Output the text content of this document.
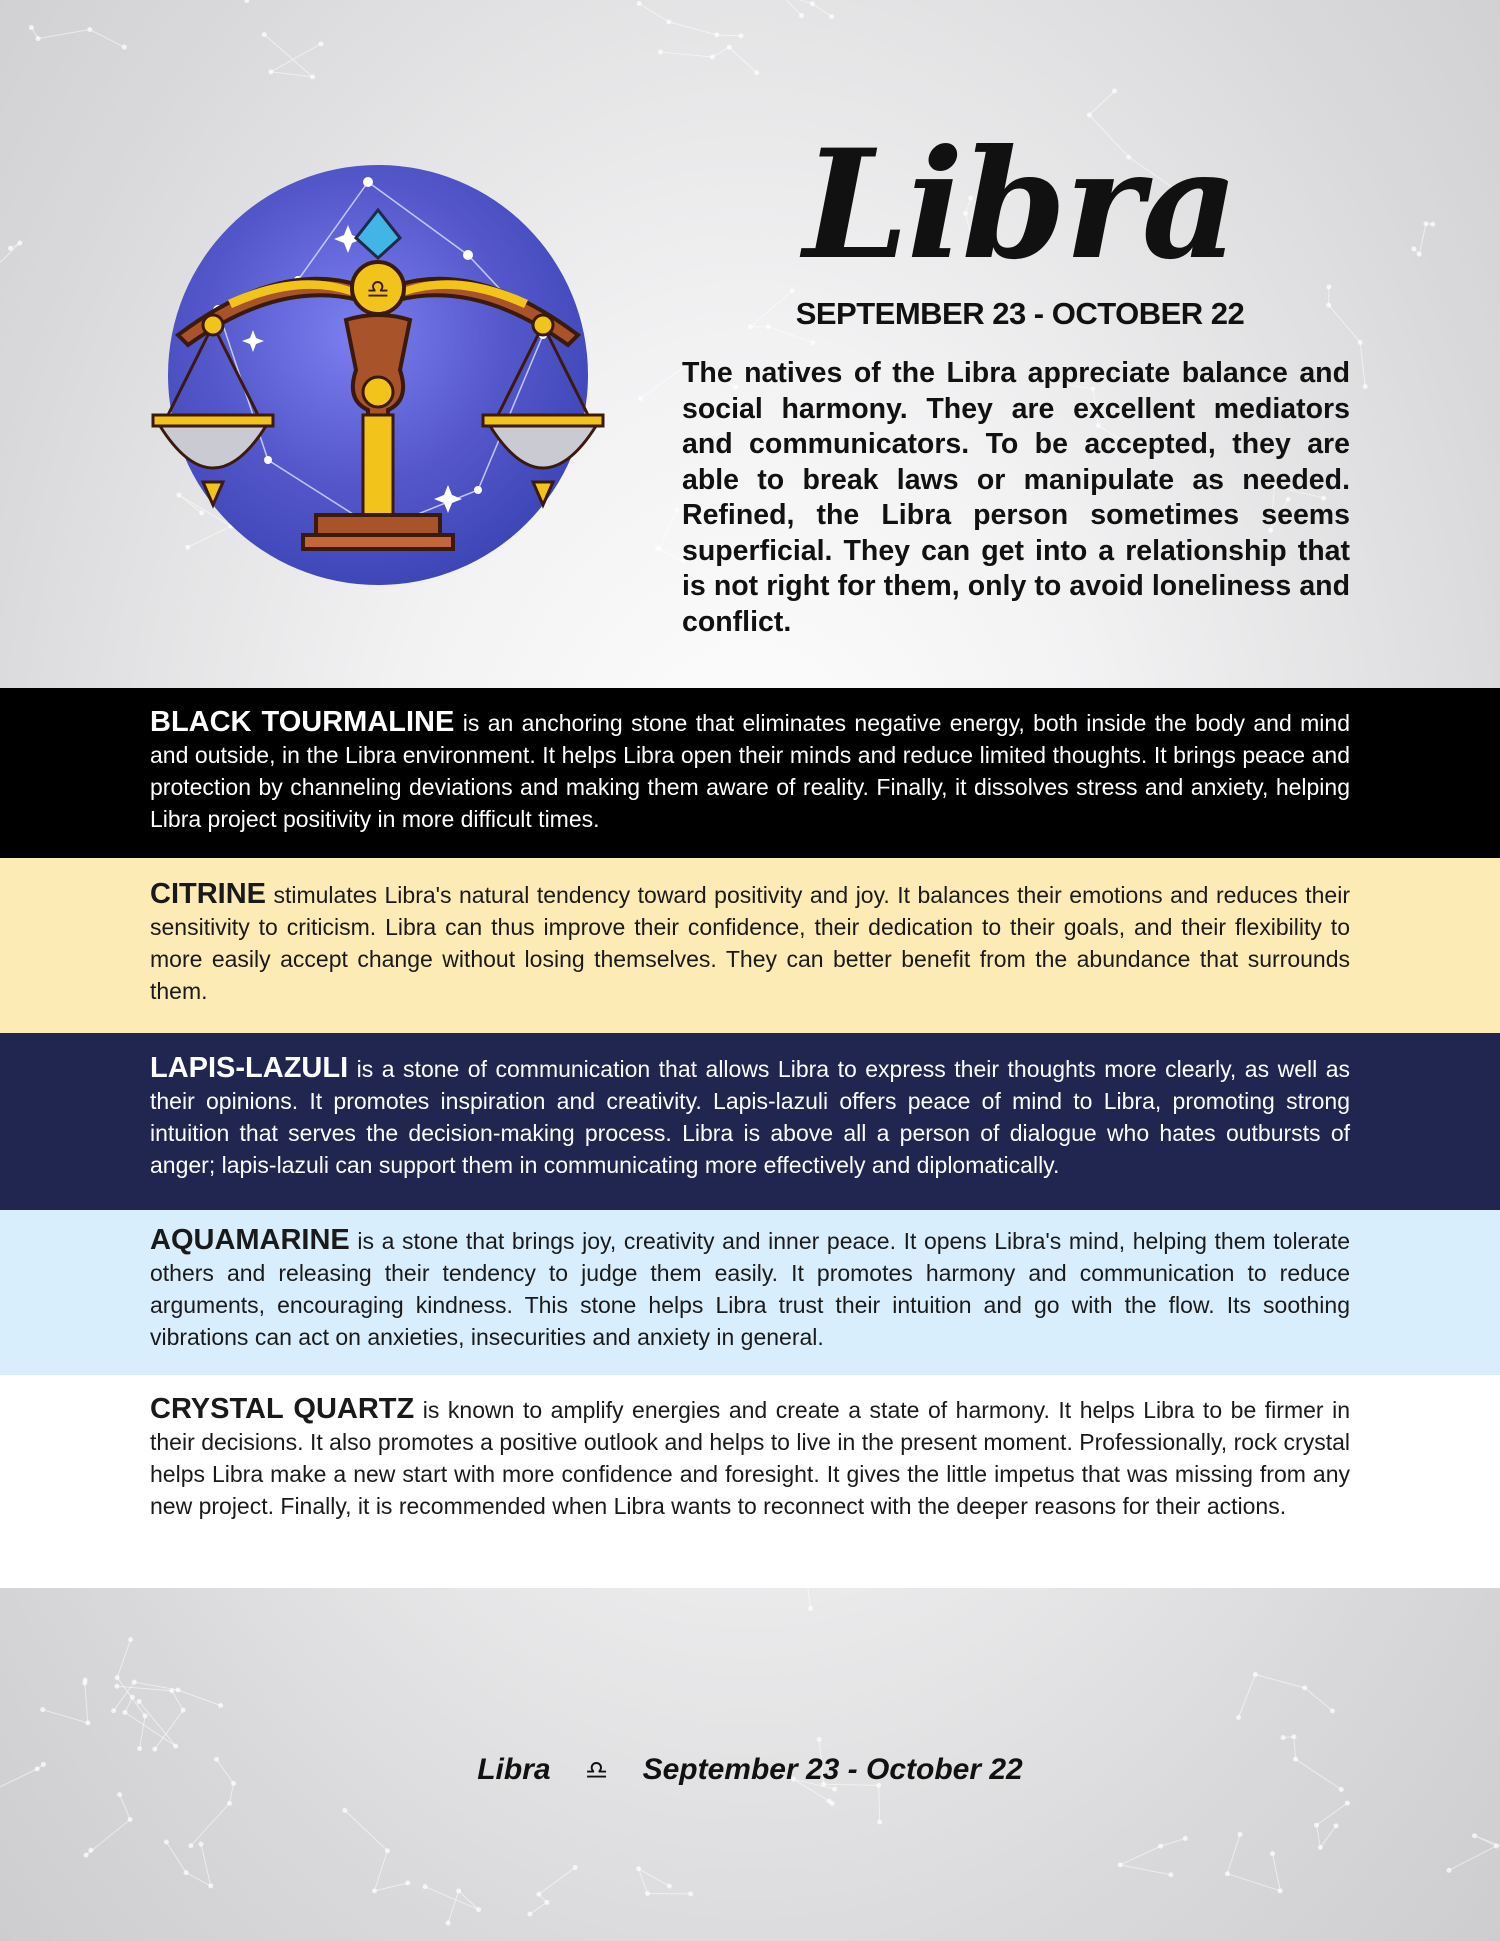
♎	Libra
SEPTEMBER 23 - OCTOBER 22
The natives of the Libra appreciate balance and social harmony. They are excellent mediators and communicators. To be accepted, they are able to break laws or manipulate as needed. Refined, the Libra person sometimes seems superficial. They can get into a relationship that is not right for them, only to avoid loneliness and conflict.

BLACK TOURMALINE is an anchoring stone that eliminates negative energy, both inside the body and mind and outside, in the Libra environment. It helps Libra open their minds and reduce limited thoughts. It brings peace and protection by channeling deviations and making them aware of reality. Finally, it dissolves stress and anxiety, helping Libra project positivity in more difficult times.

CITRINE stimulates Libra's natural tendency toward positivity and joy. It balances their emotions and reduces their sensitivity to criticism. Libra can thus improve their confidence, their dedication to their goals, and their flexibility to more easily accept change without losing themselves. They can better benefit from the abundance that surrounds them.

LAPIS-LAZULI is a stone of communication that allows Libra to express their thoughts more clearly, as well as their opinions. It promotes inspiration and creativity. Lapis-lazuli offers peace of mind to Libra, promoting strong intuition that serves the decision-making process. Libra is above all a person of dialogue who hates outbursts of anger; lapis-lazuli can support them in communicating more effectively and diplomatically.

AQUAMARINE is a stone that brings joy, creativity and inner peace. It opens Libra's mind, helping them tolerate others and releasing their tendency to judge them easily. It promotes harmony and communication to reduce arguments, encouraging kindness. This stone helps Libra trust their intuition and go with the flow. Its soothing vibrations can act on anxieties, insecurities and anxiety in general.

CRYSTAL QUARTZ is known to amplify energies and create a state of harmony. It helps Libra to be firmer in their decisions. It also promotes a positive outlook and helps to live in the present moment. Professionally, rock crystal helps Libra make a new start with more confidence and foresight. It gives the little impetus that was missing from any new project. Finally, it is recommended when Libra wants to reconnect with the deeper reasons for their actions.

Libra ♎ September 23 - October 22
